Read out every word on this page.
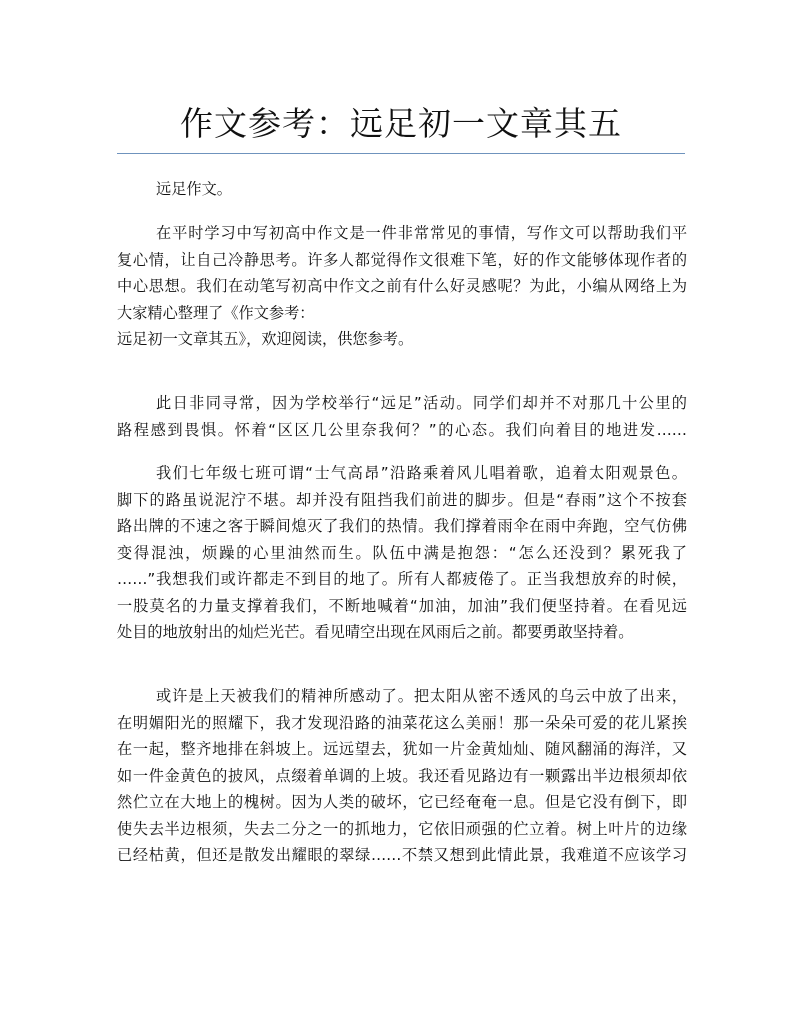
作文参考：远足初一文章其五

远足作文。

在平时学习中写初高中作文是一件非常常见的事情，写作文可以帮助我们平
复心情，让自己冷静思考。许多人都觉得作文很难下笔，好的作文能够体现作者的
中心思想。我们在动笔写初高中作文之前有什么好灵感呢？为此，小编从网络上为
大家精心整理了《作文参考：
远足初一文章其五》，欢迎阅读，供您参考。

此日非同寻常，因为学校举行“远足”活动。同学们却并不对那几十公里的
路程感到畏惧。怀着“区区几公里奈我何？”的心态。我们向着目的地进发……

我们七年级七班可谓“士气高昂”沿路乘着风儿唱着歌，追着太阳观景色。
脚下的路虽说泥泞不堪。却并没有阻挡我们前进的脚步。但是“春雨”这个不按套
路出牌的不速之客于瞬间熄灭了我们的热情。我们撑着雨伞在雨中奔跑，空气仿佛
变得混浊，烦躁的心里油然而生。队伍中满是抱怨：“怎么还没到？累死我了
……”我想我们或许都走不到目的地了。所有人都疲倦了。正当我想放弃的时候，
一股莫名的力量支撑着我们，不断地喊着“加油，加油”我们便坚持着。在看见远
处目的地放射出的灿烂光芒。看见晴空出现在风雨后之前。都要勇敢坚持着。

或许是上天被我们的精神所感动了。把太阳从密不透风的乌云中放了出来，
在明媚阳光的照耀下，我才发现沿路的油菜花这么美丽！那一朵朵可爱的花儿紧挨
在一起，整齐地排在斜坡上。远远望去，犹如一片金黄灿灿、随风翻涌的海洋，又
如一件金黄色的披风，点缀着单调的上坡。我还看见路边有一颗露出半边根须却依
然伫立在大地上的槐树。因为人类的破坏，它已经奄奄一息。但是它没有倒下，即
使失去半边根须，失去二分之一的抓地力，它依旧顽强的伫立着。树上叶片的边缘
已经枯黄，但还是散发出耀眼的翠绿……不禁又想到此情此景，我难道不应该学习
